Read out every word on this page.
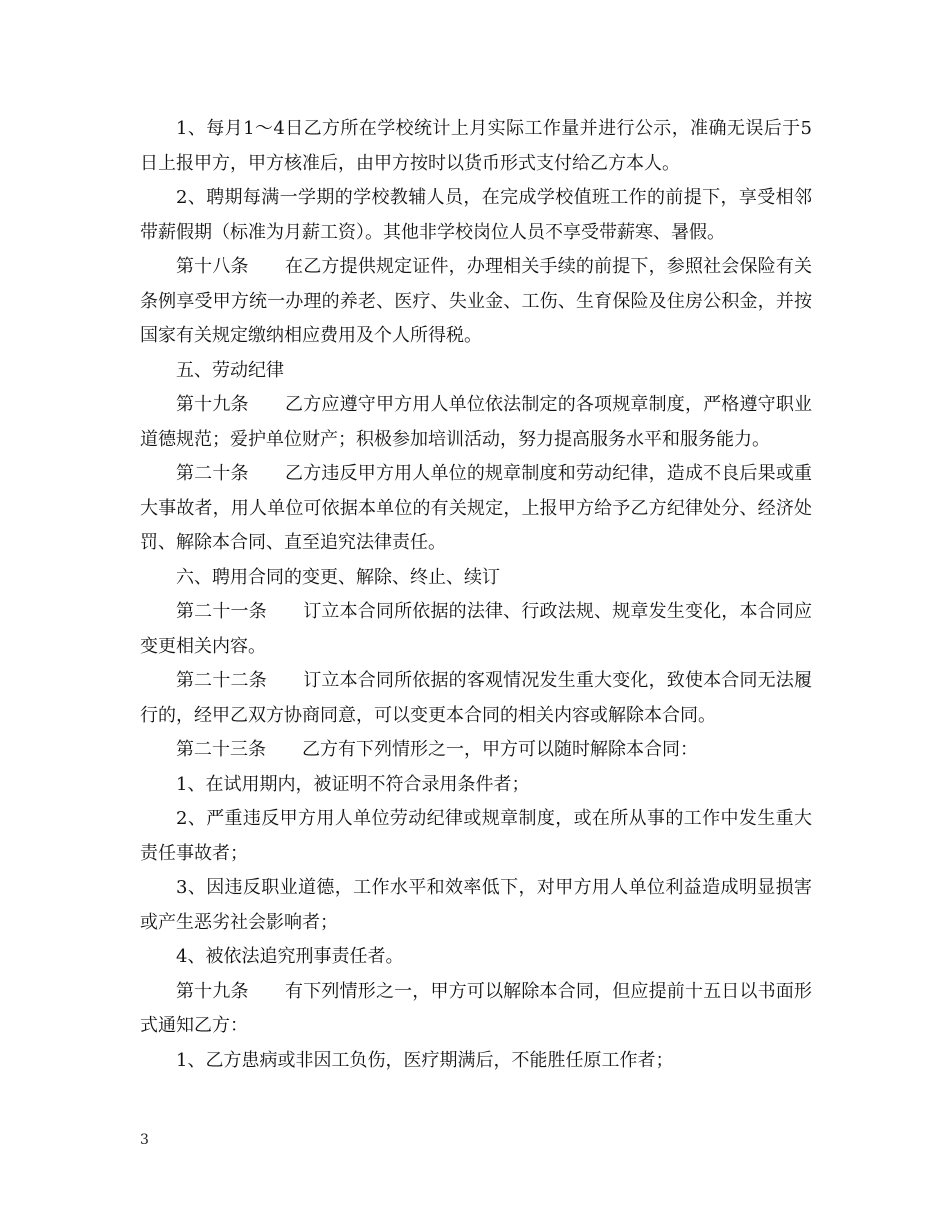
1、每月1～4日乙方所在学校统计上月实际工作量并进行公示，准确无误后于5日上报甲方，甲方核准后，由甲方按时以货币形式支付给乙方本人。

2、聘期每满一学期的学校教辅人员，在完成学校值班工作的前提下，享受相邻带薪假期（标准为月薪工资）。其他非学校岗位人员不享受带薪寒、暑假。

第十八条　　在乙方提供规定证件，办理相关手续的前提下，参照社会保险有关条例享受甲方统一办理的养老、医疗、失业金、工伤、生育保险及住房公积金，并按国家有关规定缴纳相应费用及个人所得税。

五、劳动纪律

第十九条　　乙方应遵守甲方用人单位依法制定的各项规章制度，严格遵守职业道德规范；爱护单位财产；积极参加培训活动，努力提高服务水平和服务能力。

第二十条　　乙方违反甲方用人单位的规章制度和劳动纪律，造成不良后果或重大事故者，用人单位可依据本单位的有关规定，上报甲方给予乙方纪律处分、经济处罚、解除本合同、直至追究法律责任。

六、聘用合同的变更、解除、终止、续订

第二十一条　　订立本合同所依据的法律、行政法规、规章发生变化，本合同应变更相关内容。

第二十二条　　订立本合同所依据的客观情况发生重大变化，致使本合同无法履行的，经甲乙双方协商同意，可以变更本合同的相关内容或解除本合同。

第二十三条　　乙方有下列情形之一，甲方可以随时解除本合同：

1、在试用期内，被证明不符合录用条件者；

2、严重违反甲方用人单位劳动纪律或规章制度，或在所从事的工作中发生重大责任事故者；

3、因违反职业道德，工作水平和效率低下，对甲方用人单位利益造成明显损害或产生恶劣社会影响者；

4、被依法追究刑事责任者。

第十九条　　有下列情形之一，甲方可以解除本合同，但应提前十五日以书面形式通知乙方：

1、乙方患病或非因工负伤，医疗期满后，不能胜任原工作者；

3
